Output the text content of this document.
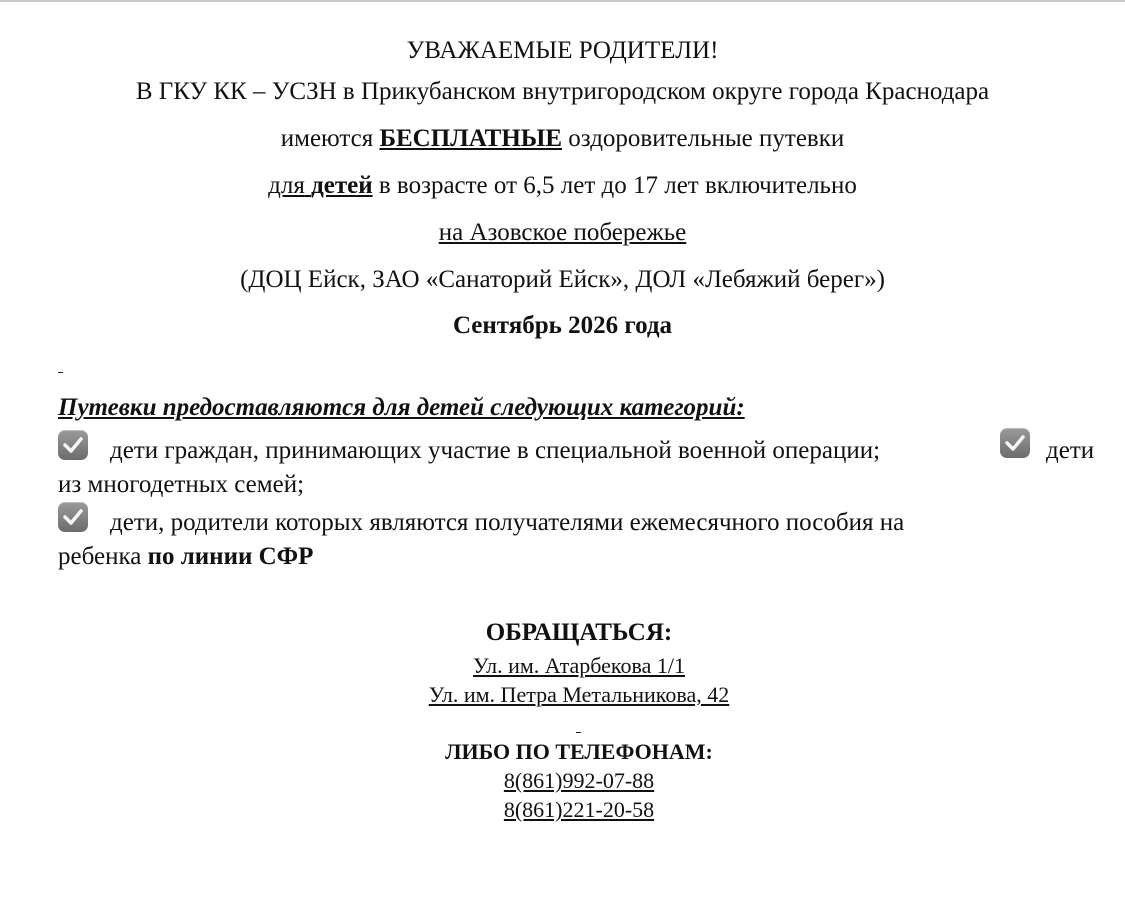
УВАЖАЕМЫЕ РОДИТЕЛИ!
В ГКУ КК – УСЗН в Прикубанском внутригородском округе города Краснодара
имеются БЕСПЛАТНЫЕ оздоровительные путевки
для детей в возрасте от 6,5 лет до 17 лет включительно
на Азовское побережье
(ДОЦ Ейск, ЗАО «Санаторий Ейск», ДОЛ «Лебяжий берег»)
Сентябрь 2026 года
Путевки предоставляются для детей следующих категорий:
дети граждан, принимающих участие в специальной военной операции;	дети
из многодетных семей;
дети, родители которых являются получателями ежемесячного пособия на
ребенка по линии СФР
ОБРАЩАТЬСЯ:
Ул. им. Атарбекова 1/1
Ул. им. Петра Метальникова, 42
ЛИБО ПО ТЕЛЕФОНАМ:
8(861)992-07-88
8(861)221-20-58
